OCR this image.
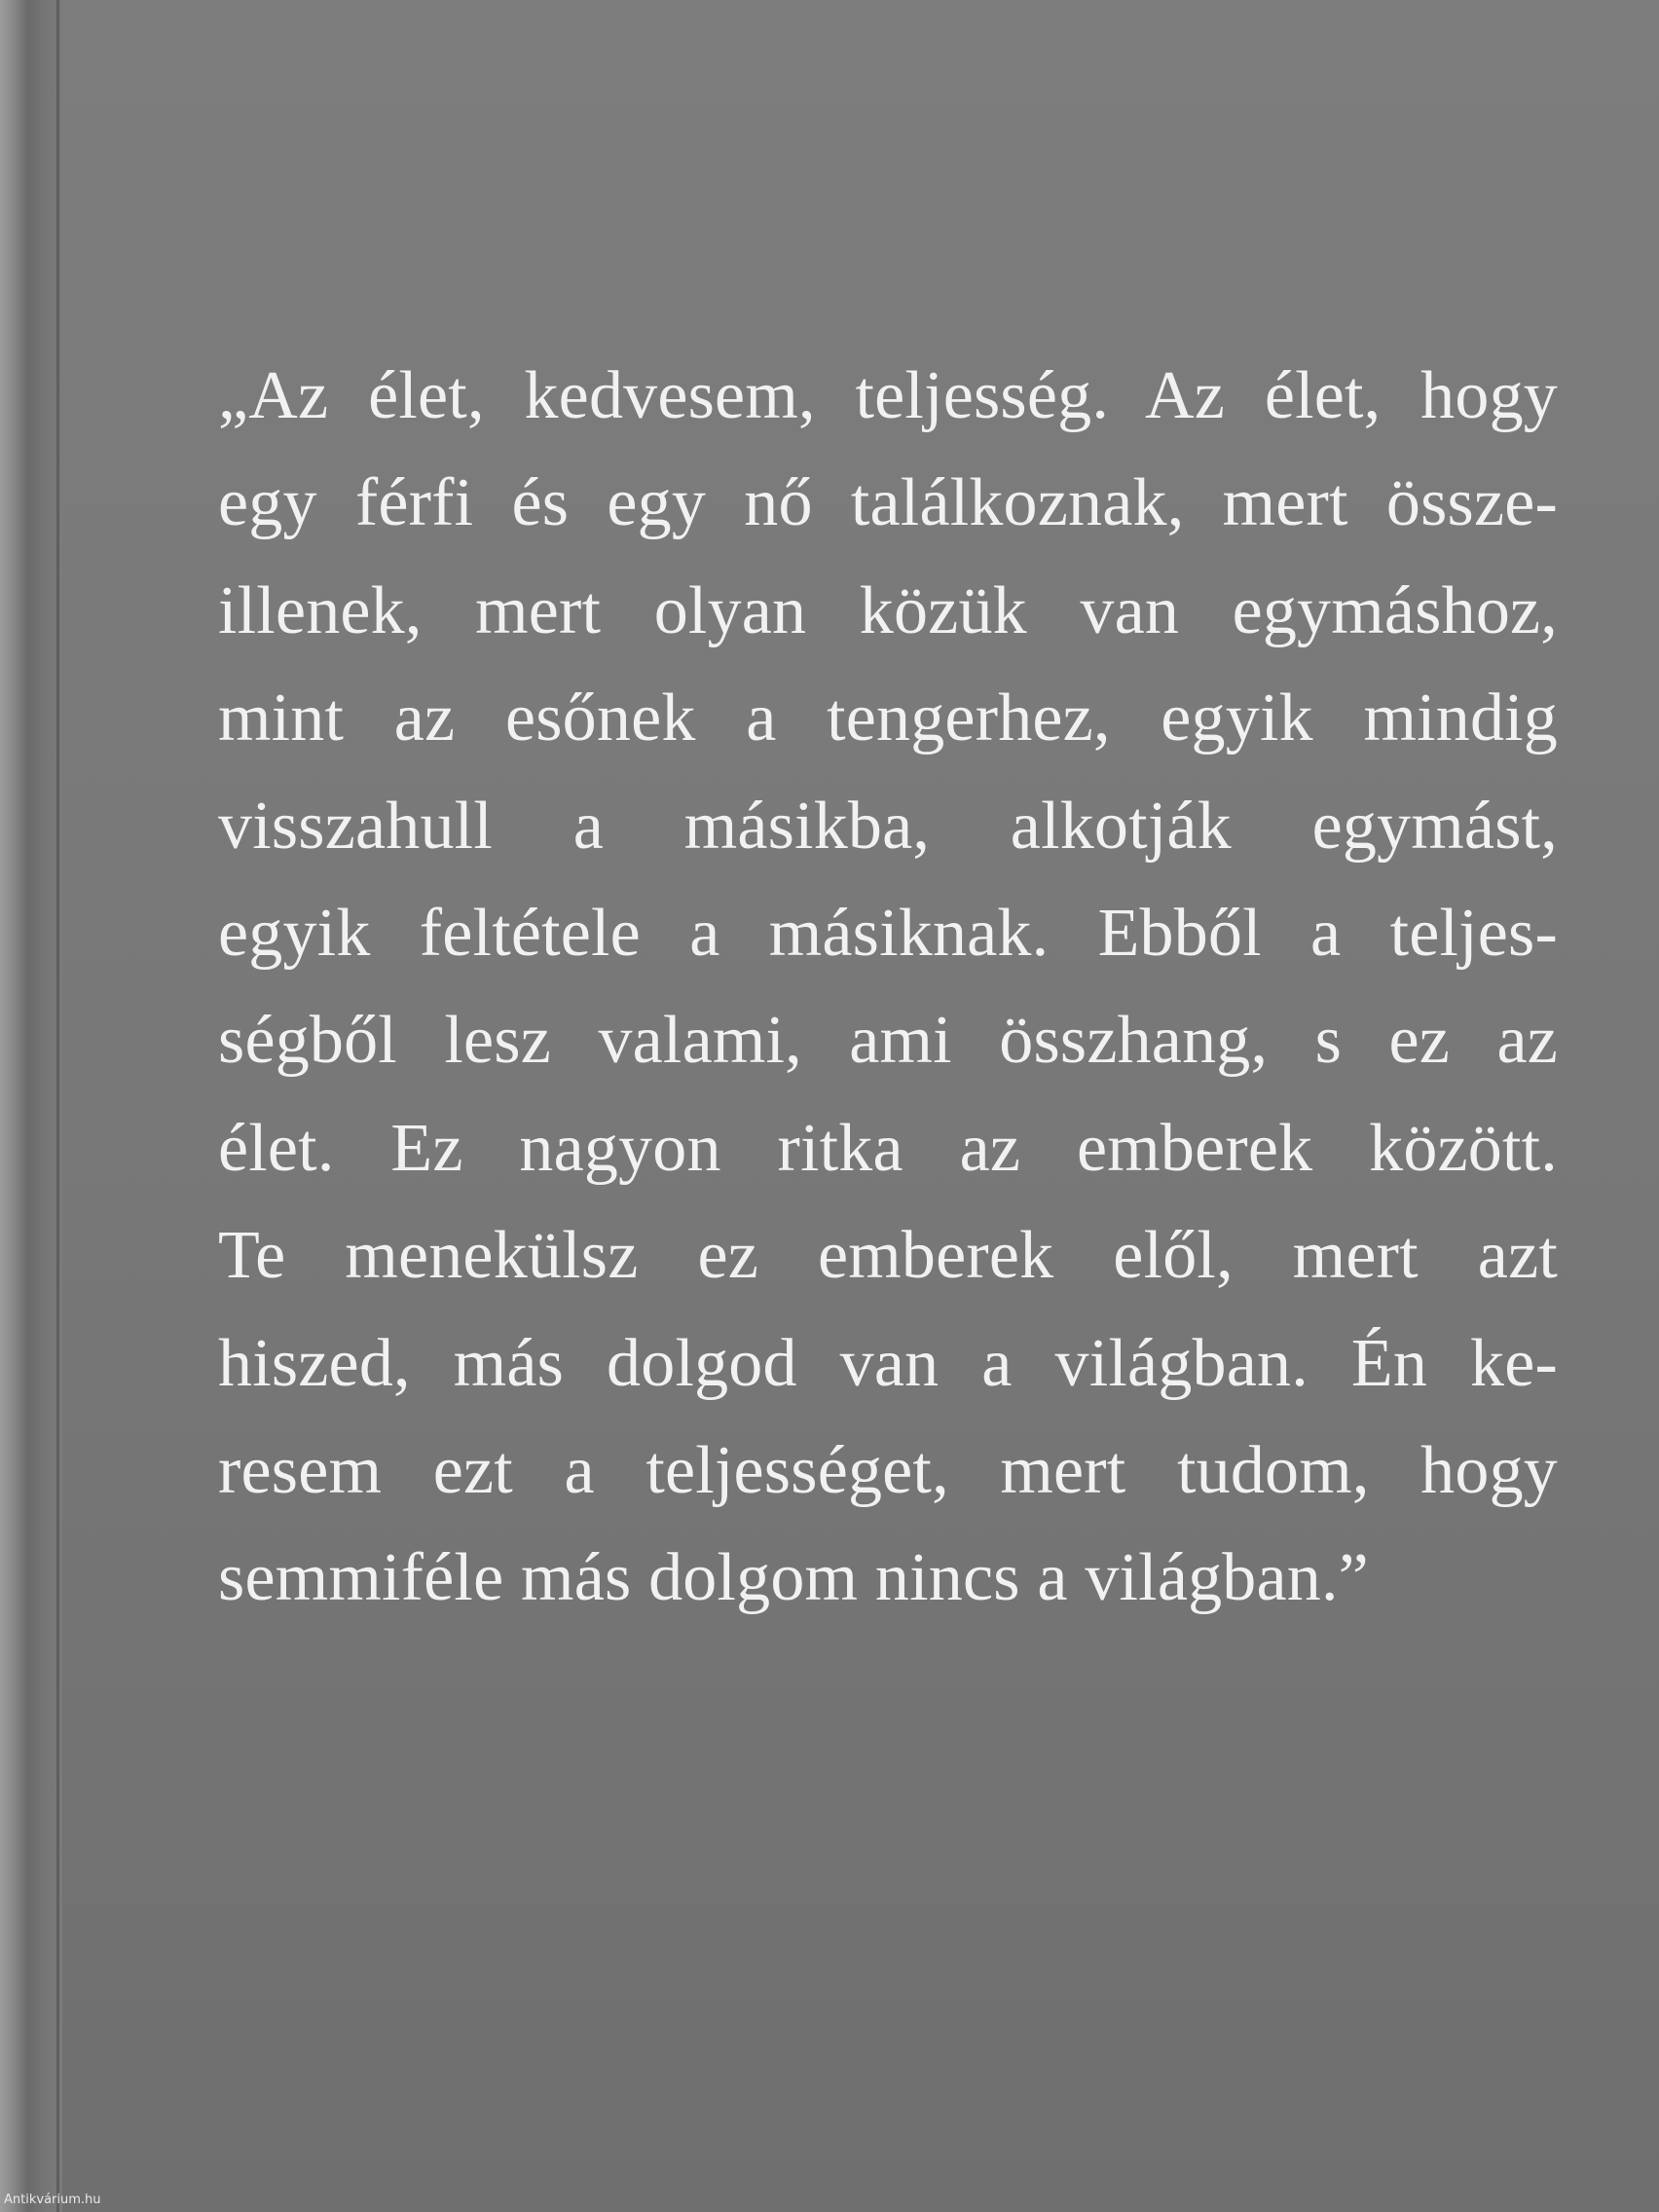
„Az élet, kedvesem, teljesség. Az élet, hogy
egy férfi és egy nő találkoznak, mert össze-
illenek, mert olyan közük van egymáshoz,
mint az esőnek a tengerhez, egyik mindig
visszahull a másikba, alkotják egymást,
egyik feltétele a másiknak. Ebből a teljes-
ségből lesz valami, ami összhang, s ez az
élet. Ez nagyon ritka az emberek között.
Te menekülsz ez emberek elől, mert azt
hiszed, más dolgod van a világban. Én ke-
resem ezt a teljességet, mert tudom, hogy
semmiféle más dolgom nincs a világban.”
Antikvárium.hu
